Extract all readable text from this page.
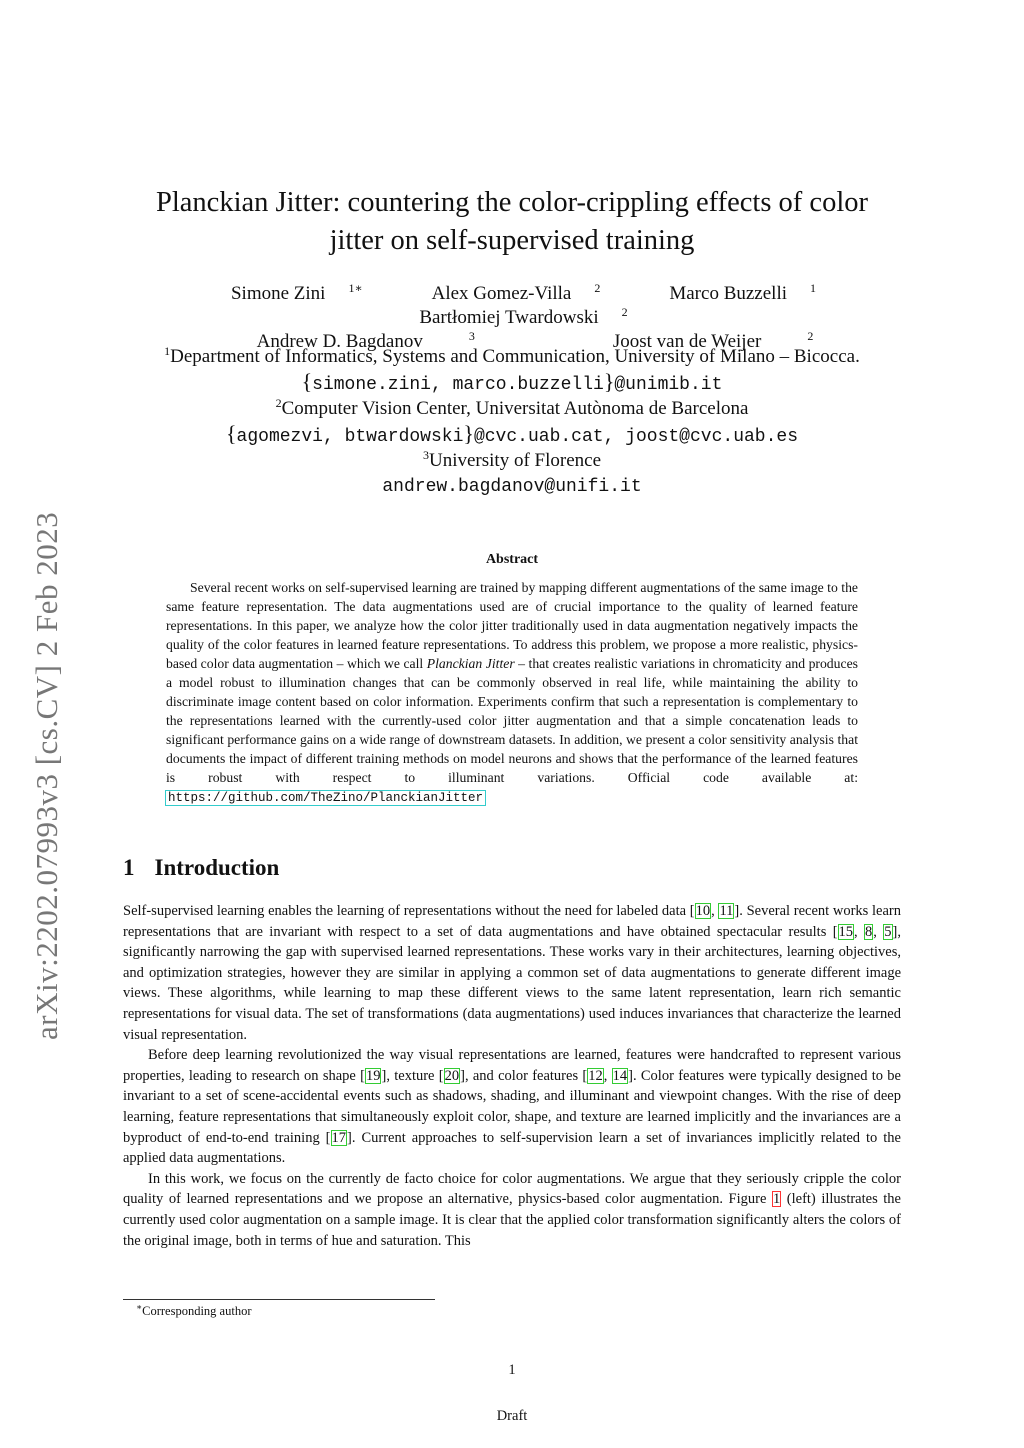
arXiv:2202.07993v3 [cs.CV] 2 Feb 2023
Planckian Jitter: countering the color-crippling effects of color
jitter on self-supervised training
Simone Zini $^{1∗}$	Alex Gomez-Villa $^2$	Marco Buzzelli $^1$Bartłomiej Twardowski $^2$
Andrew D. Bagdanov	$^3$	Joost van de Weijer	$^2$
$^1$Department of Informatics, Systems and Communication, University of Milano – Bicocca.
{simone.zini, marco.buzzelli}@unimib.it
$^2$Computer Vision Center, Universitat Autònoma de Barcelona
{agomezvi, btwardowski}@cvc.uab.cat, joost@cvc.uab.es
$^3$University of Florence
andrew.bagdanov@unifi.it
Abstract
Several recent works on self-supervised learning are trained by mapping different augmentations of the same image to the same feature representation. The data augmentations used are of crucial importance to the quality of learned feature representations. In this paper, we analyze how the color jitter traditionally used in data augmentation negatively impacts the quality of the color features in learned feature representations. To address this problem, we propose a more realistic, physics-based color data augmentation – which we call Planckian Jitter – that creates realistic variations in chromaticity and produces a model robust to illumination changes that can be commonly observed in real life, while maintaining the ability to discriminate image content based on color information. Experiments confirm that such a representation is complementary to the representations learned with the currently-used color jitter augmentation and that a simple concatenation leads to significant performance gains on a wide range of downstream datasets. In addition, we present a color sensitivity analysis that documents the impact of different training methods on model neurons and shows that the performance of the learned features is robust with respect to illuminant variations. Official code available at: https://github.com/TheZino/PlanckianJitter
1 Introduction

Self-supervised learning enables the learning of representations without the need for labeled data [10, 11]. Several recent works learn representations that are invariant with respect to a set of data augmentations and have obtained spectacular results [15, 8, 5], significantly narrowing the gap with supervised learned representations. These works vary in their architectures, learning objectives, and optimization strategies, however they are similar in applying a common set of data augmentations to generate different image views. These algorithms, while learning to map these different views to the same latent representation, learn rich semantic representations for visual data. The set of transformations (data augmentations) used induces invariances that characterize the learned visual representation.

Before deep learning revolutionized the way visual representations are learned, features were handcrafted to represent various properties, leading to research on shape [19], texture [20], and color features [12, 14]. Color features were typically designed to be invariant to a set of scene-accidental events such as shadows, shading, and illuminant and viewpoint changes. With the rise of deep learning, feature representations that simultaneously exploit color, shape, and texture are learned implicitly and the invariances are a byproduct of end-to-end training [17]. Current approaches to self-supervision learn a set of invariances implicitly related to the applied data augmentations.

In this work, we focus on the currently de facto choice for color augmentations. We argue that they seriously cripple the color quality of learned representations and we propose an alternative, physics-based color augmentation. Figure 1 (left) illustrates the currently used color augmentation on a sample image. It is clear that the applied color transformation significantly alters the colors of the original image, both in terms of hue and saturation. This

∗Corresponding author
1
Draft
